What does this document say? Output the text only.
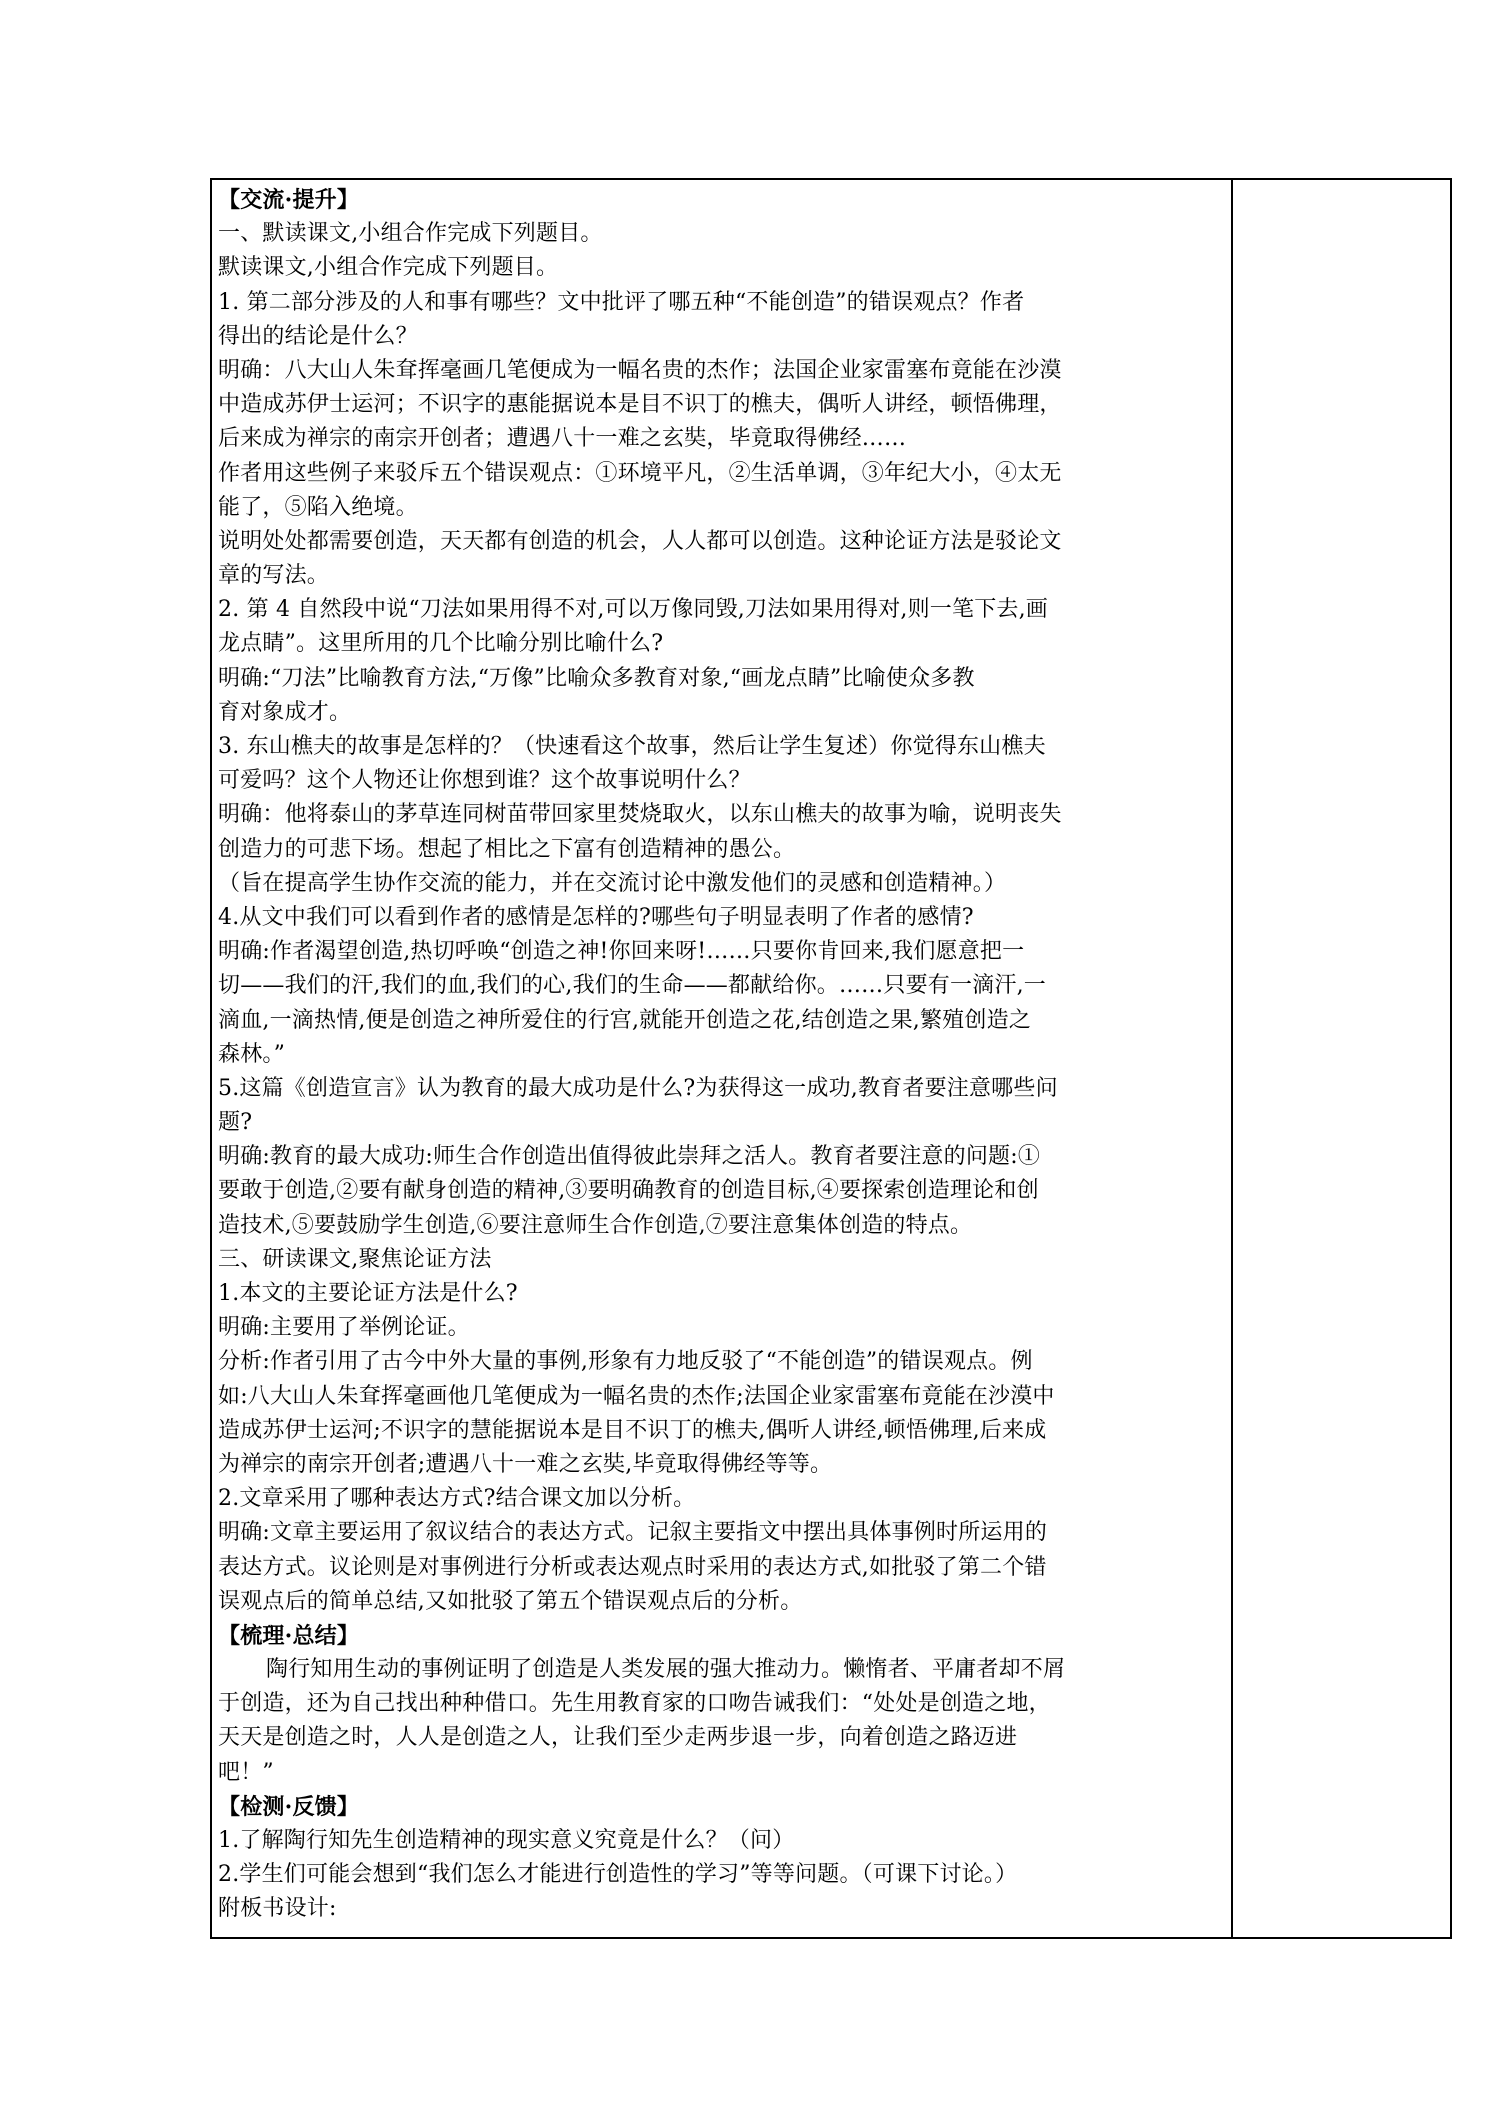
【交流·提升】
一、默读课文,小组合作完成下列题目。
默读课文,小组合作完成下列题目。
1. 第二部分涉及的人和事有哪些？文中批评了哪五种“不能创造”的错误观点？作者
得出的结论是什么？
明确：八大山人朱耷挥毫画几笔便成为一幅名贵的杰作；法国企业家雷塞布竟能在沙漠
中造成苏伊士运河；不识字的惠能据说本是目不识丁的樵夫，偶听人讲经，顿悟佛理，
后来成为禅宗的南宗开创者；遭遇八十一难之玄奘，毕竟取得佛经……
作者用这些例子来驳斥五个错误观点：①环境平凡，②生活单调，③年纪大小，④太无
能了，⑤陷入绝境。
说明处处都需要创造，天天都有创造的机会，人人都可以创造。这种论证方法是驳论文
章的写法。
2. 第 4 自然段中说“刀法如果用得不对,可以万像同毁,刀法如果用得对,则一笔下去,画
龙点睛”。这里所用的几个比喻分别比喻什么?
明确:“刀法”比喻教育方法,“万像”比喻众多教育对象,“画龙点睛”比喻使众多教
育对象成才。
3. 东山樵夫的故事是怎样的？（快速看这个故事，然后让学生复述）你觉得东山樵夫
可爱吗？这个人物还让你想到谁？这个故事说明什么？
明确：他将泰山的茅草连同树苗带回家里焚烧取火，以东山樵夫的故事为喻，说明丧失
创造力的可悲下场。想起了相比之下富有创造精神的愚公。
（旨在提高学生协作交流的能力，并在交流讨论中激发他们的灵感和创造精神。）
4.从文中我们可以看到作者的感情是怎样的?哪些句子明显表明了作者的感情?
明确:作者渴望创造,热切呼唤“创造之神!你回来呀!……只要你肯回来,我们愿意把一
切——我们的汗,我们的血,我们的心,我们的生命——都献给你。……只要有一滴汗,一
滴血,一滴热情,便是创造之神所爱住的行宫,就能开创造之花,结创造之果,繁殖创造之
森林。”
5.这篇《创造宣言》认为教育的最大成功是什么?为获得这一成功,教育者要注意哪些问
题?
明确:教育的最大成功:师生合作创造出值得彼此崇拜之活人。教育者要注意的问题:①
要敢于创造,②要有献身创造的精神,③要明确教育的创造目标,④要探索创造理论和创
造技术,⑤要鼓励学生创造,⑥要注意师生合作创造,⑦要注意集体创造的特点。
三、研读课文,聚焦论证方法
1.本文的主要论证方法是什么?
明确:主要用了举例论证。
分析:作者引用了古今中外大量的事例,形象有力地反驳了“不能创造”的错误观点。例
如:八大山人朱耷挥毫画他几笔便成为一幅名贵的杰作;法国企业家雷塞布竟能在沙漠中
造成苏伊士运河;不识字的慧能据说本是目不识丁的樵夫,偶听人讲经,顿悟佛理,后来成
为禅宗的南宗开创者;遭遇八十一难之玄奘,毕竟取得佛经等等。
2.文章采用了哪种表达方式?结合课文加以分析。
明确:文章主要运用了叙议结合的表达方式。记叙主要指文中摆出具体事例时所运用的
表达方式。议论则是对事例进行分析或表达观点时采用的表达方式,如批驳了第二个错
误观点后的简单总结,又如批驳了第五个错误观点后的分析。
【梳理·总结】
陶行知用生动的事例证明了创造是人类发展的强大推动力。懒惰者、平庸者却不屑
于创造，还为自己找出种种借口。先生用教育家的口吻告诫我们：“处处是创造之地，
天天是创造之时，人人是创造之人，让我们至少走两步退一步，向着创造之路迈进
吧！”
【检测·反馈】
1.了解陶行知先生创造精神的现实意义究竟是什么？（问）
2.学生们可能会想到“我们怎么才能进行创造性的学习”等等问题。（可课下讨论。）
附板书设计:
